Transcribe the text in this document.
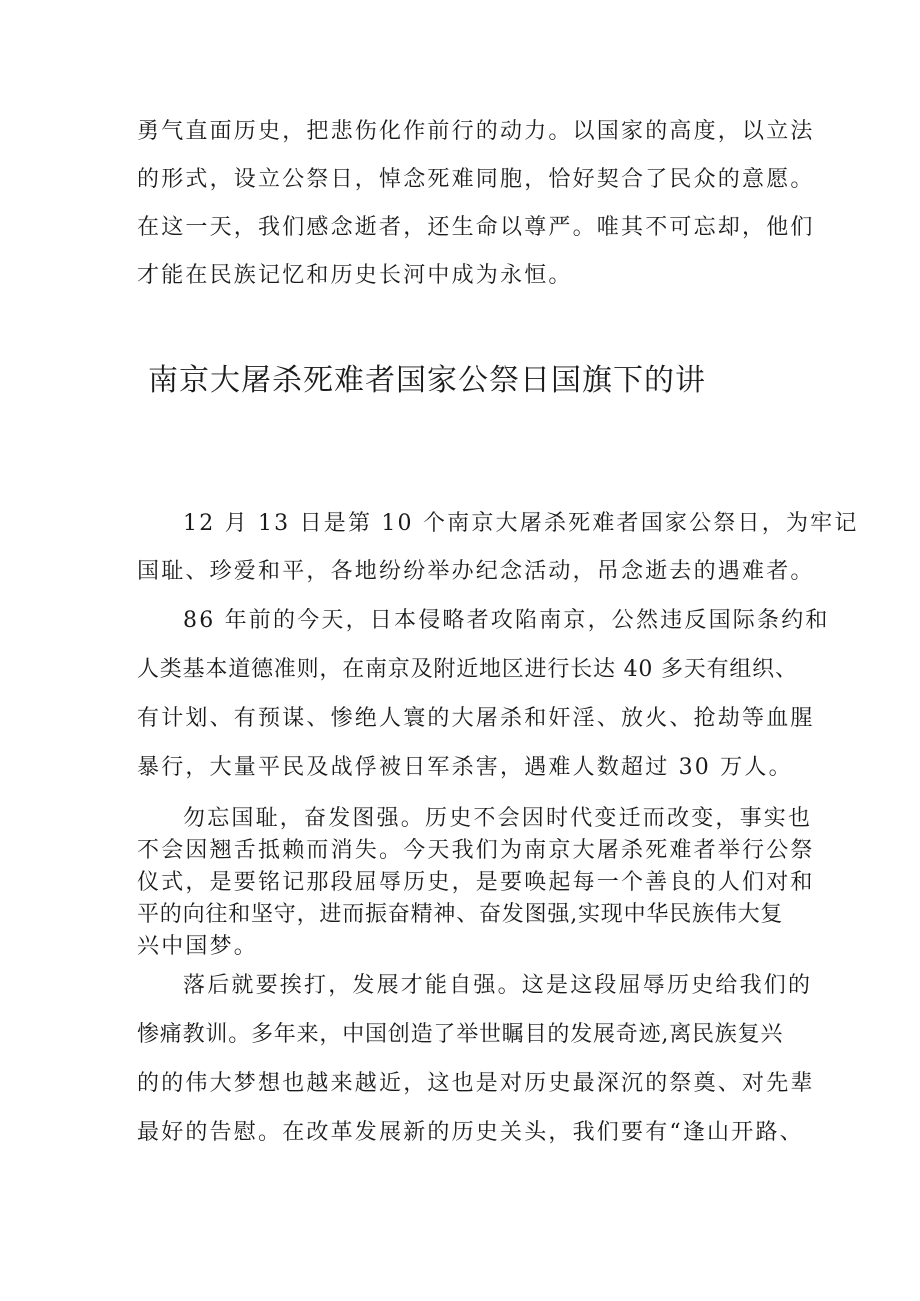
勇气直面历史，把悲伤化作前行的动力。以国家的高度，以立法
的形式，设立公祭日，悼念死难同胞，恰好契合了民众的意愿。
在这一天，我们感念逝者，还生命以尊严。唯其不可忘却，他们
才能在民族记忆和历史长河中成为永恒。
南京大屠杀死难者国家公祭日国旗下的讲
12 月 13 日是第 10 个南京大屠杀死难者国家公祭日，为牢记
国耻、珍爱和平，各地纷纷举办纪念活动，吊念逝去的遇难者。
86 年前的今天，日本侵略者攻陷南京，公然违反国际条约和
人类基本道德准则，在南京及附近地区进行长达 40 多天有组织、
有计划、有预谋、惨绝人寰的大屠杀和奸淫、放火、抢劫等血腥
暴行，大量平民及战俘被日军杀害，遇难人数超过 30 万人。
勿忘国耻，奋发图强。历史不会因时代变迁而改变，事实也
不会因翘舌抵赖而消失。今天我们为南京大屠杀死难者举行公祭
仪式，是要铭记那段屈辱历史，是要唤起每一个善良的人们对和
平的向往和坚守，进而振奋精神、奋发图强,实现中华民族伟大复
兴中国梦。
落后就要挨打，发展才能自强。这是这段屈辱历史给我们的
惨痛教训。多年来，中国创造了举世瞩目的发展奇迹,离民族复兴
的的伟大梦想也越来越近，这也是对历史最深沉的祭奠、对先辈
最好的告慰。在改革发展新的历史关头，我们要有“逢山开路、
